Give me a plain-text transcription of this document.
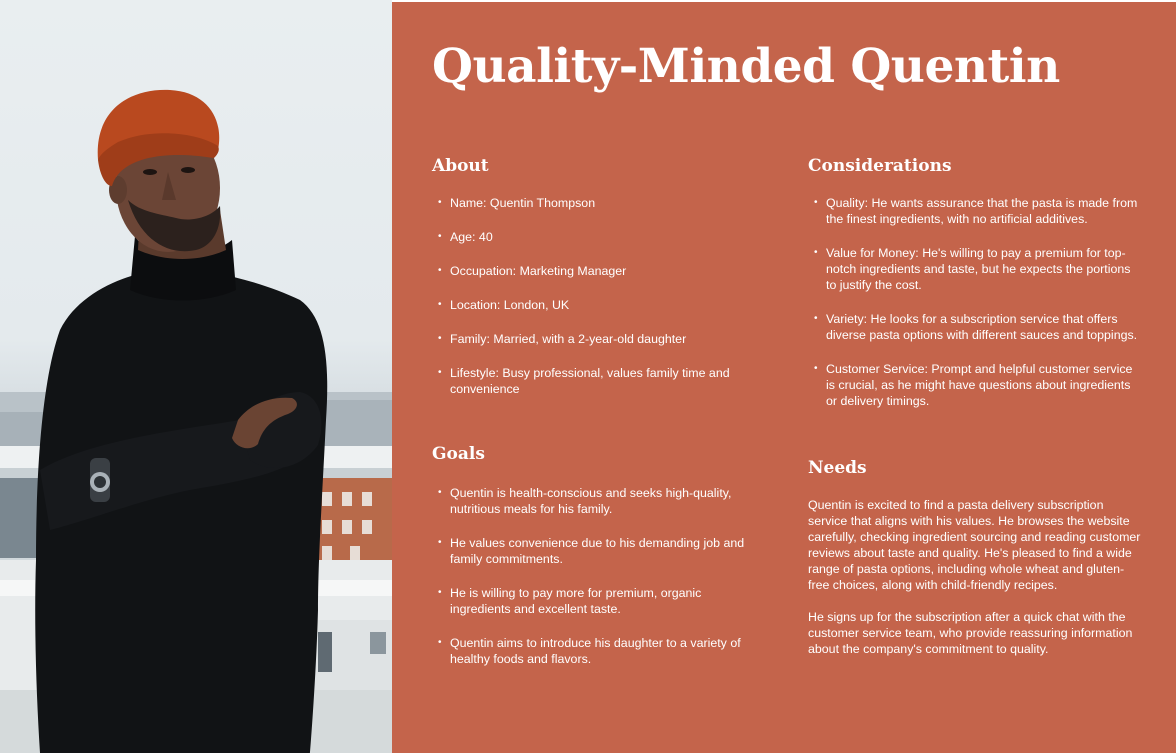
Quality-Minded Quentin
About
• Name: Quentin Thompson
• Age: 40
• Occupation: Marketing Manager
• Location: London, UK
• Family: Married, with a 2-year-old daughter
• Lifestyle: Busy professional, values family time and convenience
Goals
• Quentin is health-conscious and seeks high-quality, nutritious meals for his family.
• He values convenience due to his demanding job and family commitments.
• He is willing to pay more for premium, organic ingredients and excellent taste.
• Quentin aims to introduce his daughter to a variety of healthy foods and flavors.
Considerations
• Quality: He wants assurance that the pasta is made from the finest ingredients, with no artificial additives.
• Value for Money: He's willing to pay a premium for top-notch ingredients and taste, but he expects the portions to justify the cost.
• Variety: He looks for a subscription service that offers diverse pasta options with different sauces and toppings.
• Customer Service: Prompt and helpful customer service is crucial, as he might have questions about ingredients or delivery timings.
Needs

Quentin is excited to find a pasta delivery subscription service that aligns with his values. He browses the website carefully, checking ingredient sourcing and reading customer reviews about taste and quality. He's pleased to find a wide range of pasta options, including whole wheat and gluten-free choices, along with child-friendly recipes.

He signs up for the subscription after a quick chat with the customer service team, who provide reassuring information about the company's commitment to quality.
